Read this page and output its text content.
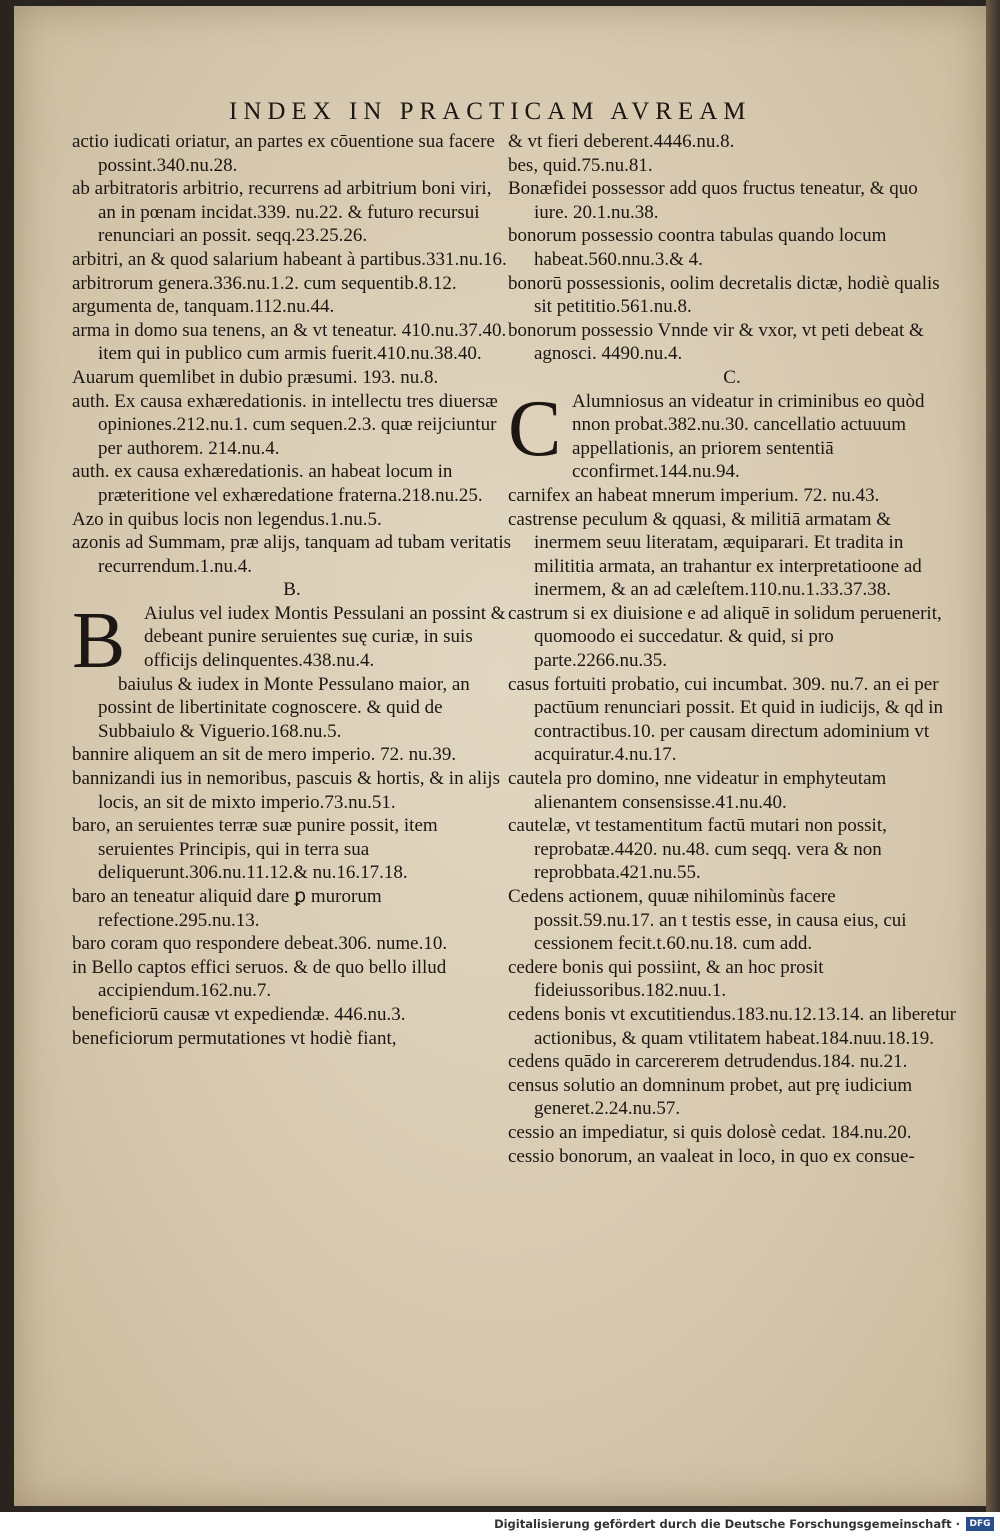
INDEX IN PRACTICAM AVREAM

actio iudicati oriatur, an partes ex cōuentione sua facere possint.340.nu.28.

ab arbitratoris arbitrio, recurrens ad arbitrium boni viri, an in pœnam incidat.339. nu.22. & futuro recursui renunciari an possit. seqq.23.25.26.

arbitri, an & quod salarium habeant à partibus.331.nu.16.

arbitrorum genera.336.nu.1.2. cum sequentib.8.12.

argumenta de, tanquam.112.nu.44.

arma in domo sua tenens, an & vt teneatur. 410.nu.37.40. item qui in publico cum armis fuerit.410.nu.38.40.

Auarum quemlibet in dubio præsumi. 193. nu.8.

auth. Ex causa exhæredationis. in intellectu tres diuersæ opiniones.212.nu.1. cum sequen.2.3. quæ reijciuntur per authorem. 214.nu.4.

auth. ex causa exhæredationis. an habeat locum in præteritione vel exhæredatione fraterna.218.nu.25.

Azo in quibus locis non legendus.1.nu.5.

azonis ad Summam, præ alijs, tanquam ad tubam veritatis recurrendum.1.nu.4.

B.

B Aiulus vel iudex Montis Pessulani an possint & debeant punire seruientes suę curiæ, in suis officijs delinquentes.438.nu.4.

baiulus & iudex in Monte Pessulano maior, an possint de libertinitate cognoscere. & quid de Subbaiulo & Viguerio.168.nu.5.

bannire aliquem an sit de mero imperio. 72. nu.39.

bannizandi ius in nemoribus, pascuis & hortis, & in alijs locis, an sit de mixto imperio.73.nu.51.

baro, an seruientes terræ suæ punire possit, item seruientes Principis, qui in terra sua deliquerunt.306.nu.11.12.& nu.16.17.18.

baro an teneatur aliquid dare ꝑ murorum refectione.295.nu.13.

baro coram quo respondere debeat.306. nume.10.

in Bello captos effici seruos. & de quo bello illud accipiendum.162.nu.7.

beneficiorū causæ vt expediendæ. 446.nu.3.

beneficiorum permutationes vt hodiè fiant,

& vt fieri deberent.4446.nu.8.

bes, quid.75.nu.81.

Bonæfidei possessor add quos fructus teneatur, & quo iure. 20.1.nu.38.

bonorum possessio coontra tabulas quando locum habeat.560.nnu.3.& 4.

bonorū possessionis, oolim decretalis dictæ, hodiè qualis sit petititio.561.nu.8.

bonorum possessio Vnnde vir & vxor, vt peti debeat & agnosci. 4490.nu.4.

C.

C Alumniosus an videatur in criminibus eo quòd nnon probat.382.nu.30. cancellatio actuuum appellationis, an priorem sententiā cconfirmet.144.nu.94.

carnifex an habeat mnerum imperium. 72. nu.43.

castrense peculum & qquasi, & militiā armatam & inermem seuu literatam, æquiparari. Et tradita in milititia armata, an trahantur ex interpretatioone ad inermem, & an ad cæleſtem.110.nu.1.33.37.38.

castrum si ex diuisione e ad aliquē in solidum peruenerit, quomoodo ei succedatur. & quid, si pro parte.2266.nu.35.

casus fortuiti probatio, cui incumbat. 309. nu.7. an ei per pactūum renunciari possit. Et quid in iudicijs, & qd in contractibus.10. per causam directum adominium vt acquiratur.4.nu.17.

cautela pro domino, nne videatur in emphyteutam alienantem consensisse.41.nu.40.

cautelæ, vt testamentitum factū mutari non possit, reprobatæ.4420. nu.48. cum seqq. vera & non reprobbata.421.nu.55.

Cedens actionem, quuæ nihilominùs facere possit.59.nu.17. an t testis esse, in causa eius, cui cessionem fecit.t.60.nu.18. cum add.

cedere bonis qui possiint, & an hoc prosit fideiussoribus.182.nuu.1.

cedens bonis vt excutitiendus.183.nu.12.13.14. an liberetur actionibus, & quam vtilitatem habeat.184.nuu.18.19.

cedens quādo in carcererem detrudendus.184. nu.21.

census solutio an domninum probet, aut prę iudicium generet.2.24.nu.57.

cessio an impediatur, si quis dolosè cedat. 184.nu.20.

cessio bonorum, an vaaleat in loco, in quo ex consue-

Digitalisierung gefördert durch die Deutsche Forschungsgemeinschaft ·	DFG
